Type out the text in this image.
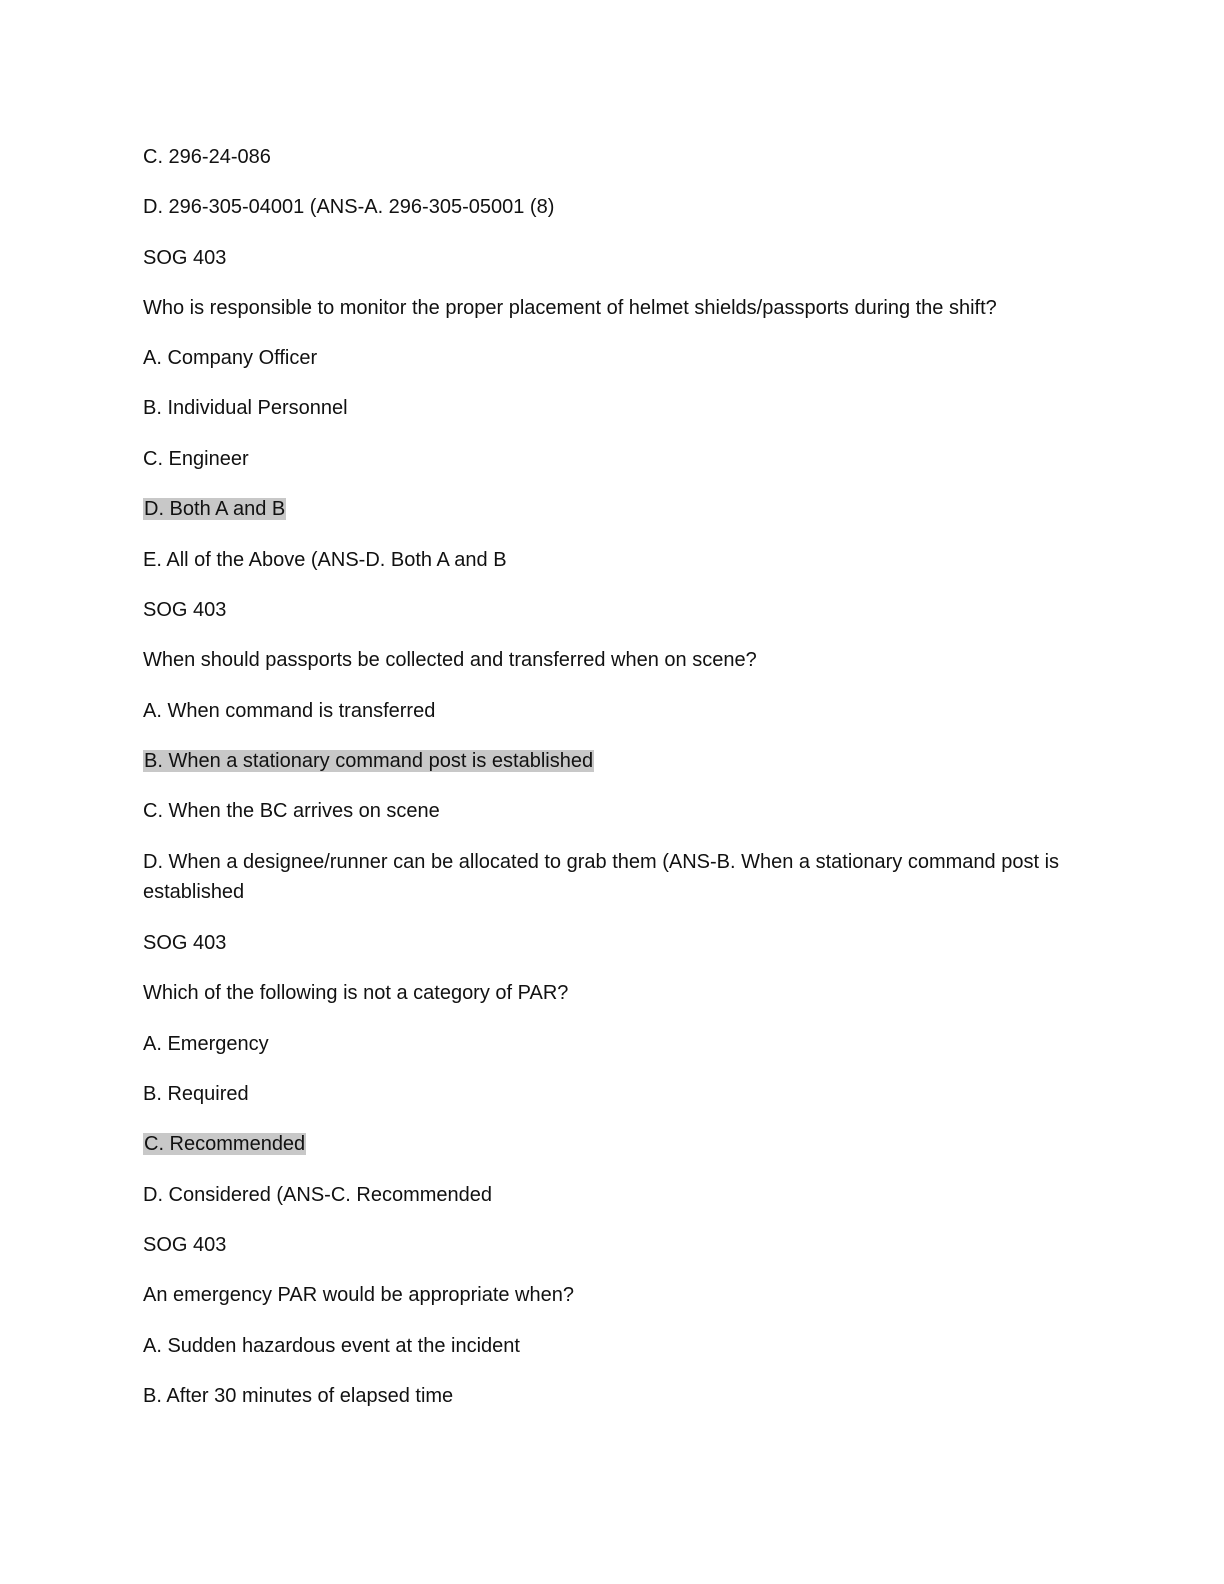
C. 296-24-086
D. 296-305-04001 (ANS-A. 296-305-05001 (8)
SOG 403
Who is responsible to monitor the proper placement of helmet shields/passports during the shift?
A. Company Officer
B. Individual Personnel
C. Engineer
D. Both A and B
E. All of the Above (ANS-D. Both A and B
SOG 403
When should passports be collected and transferred when on scene?
A. When command is transferred
B. When a stationary command post is established
C. When the BC arrives on scene
D. When a designee/runner can be allocated to grab them (ANS-B. When a stationary command post is established
SOG 403
Which of the following is not a category of PAR?
A. Emergency
B. Required
C. Recommended
D. Considered (ANS-C. Recommended
SOG 403
An emergency PAR would be appropriate when?
A. Sudden hazardous event at the incident
B. After 30 minutes of elapsed time
